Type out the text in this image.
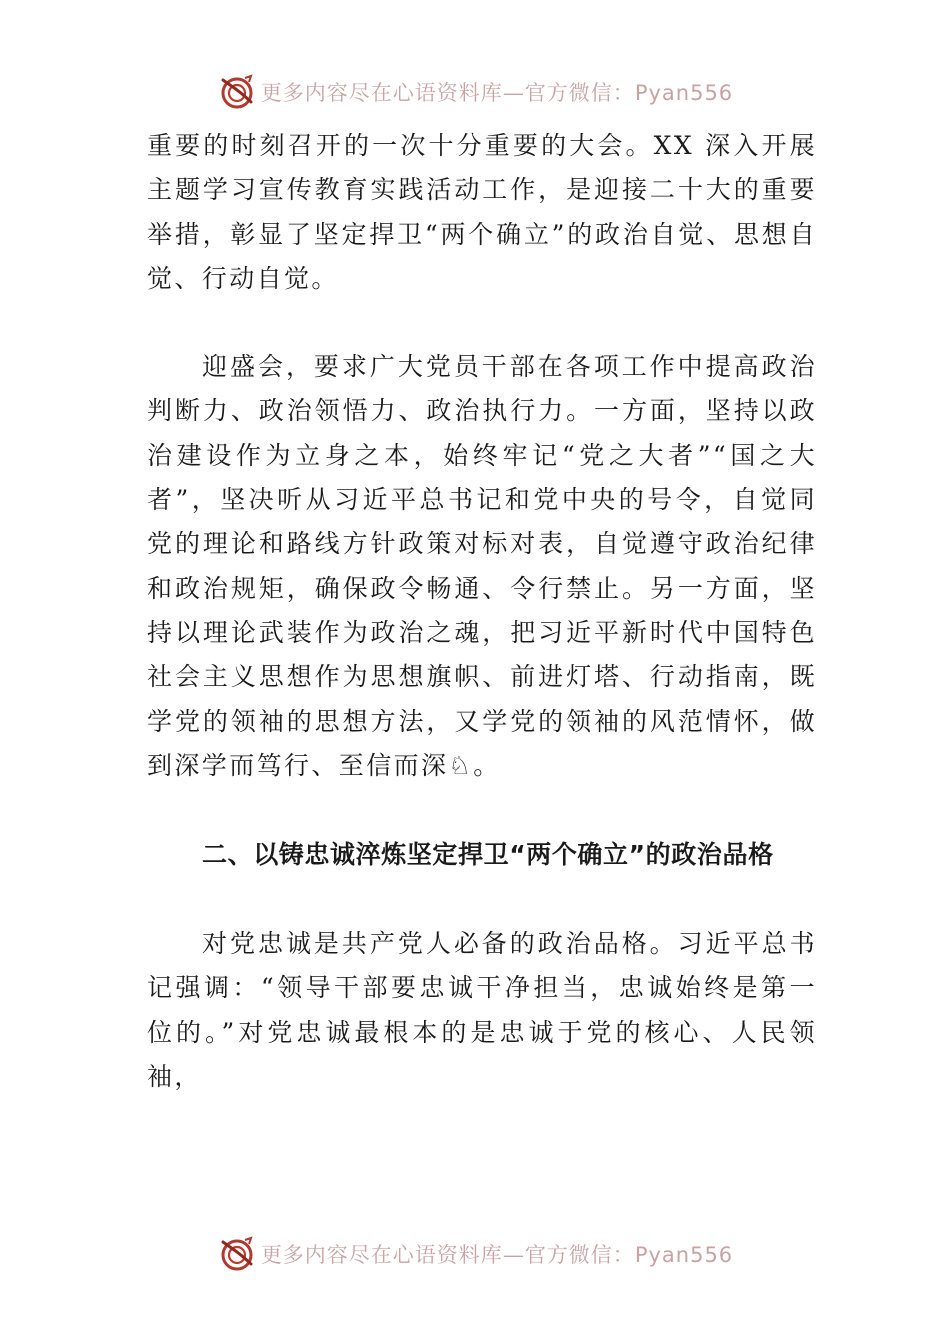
更多内容尽在心语资料库—官方微信：Pyan556

重要的时刻召开的一次十分重要的大会。XX 深入开展主题学习宣传教育实践活动工作，是迎接二十大的重要举措，彰显了坚定捍卫“两个确立”的政治自觉、思想自觉、行动自觉。

迎盛会，要求广大党员干部在各项工作中提高政治判断力、政治领悟力、政治执行力。一方面，坚持以政治建设作为立身之本，始终牢记“党之大者”“国之大者”，坚决听从习近平总书记和党中央的号令，自觉同党的理论和路线方针政策对标对表，自觉遵守政治纪律和政治规矩，确保政令畅通、令行禁止。另一方面，坚持以理论武装作为政治之魂，把习近平新时代中国特色社会主义思想作为思想旗帜、前进灯塔、行动指南，既学党的领袖的思想方法，又学党的领袖的风范情怀，做到深学而笃行、至信而深♘。

二、以铸忠诚淬炼坚定捍卫“两个确立”的政治品格

对党忠诚是共产党人必备的政治品格。习近平总书记强调：“领导干部要忠诚干净担当，忠诚始终是第一位的。”对党忠诚最根本的是忠诚于党的核心、人民领袖，

更多内容尽在心语资料库—官方微信：Pyan556
